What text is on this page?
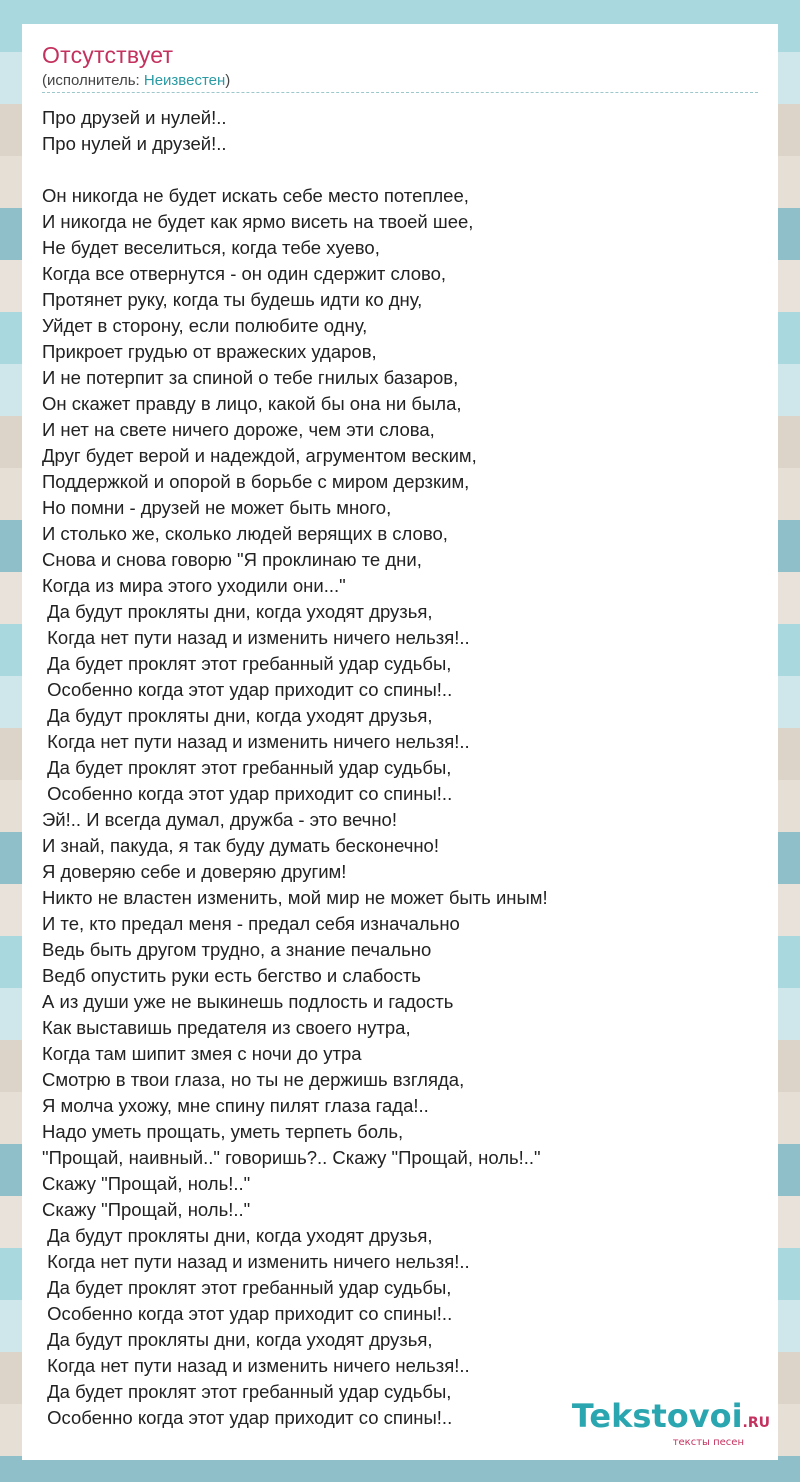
Отсутствует
(исполнитель: Неизвестен)
Про друзей и нулей!..
Про нулей и друзей!..
Он никогда не будет искать себе место потеплее,
И никогда не будет как ярмо висеть на твоей шее,
Не будет веселиться, когда тебе хуево,
Когда все отвернутся - он один сдержит слово,
Протянет руку, когда ты будешь идти ко дну,
Уйдет в сторону, если полюбите одну,
Прикроет грудью от вражеских ударов,
И не потерпит за спиной о тебе гнилых базаров,
Он скажет правду в лицо, какой бы она ни была,
И нет на свете ничего дороже, чем эти слова,
Друг будет верой и надеждой, агрументом веским,
Поддержкой и опорой в борьбе с миром дерзким,
Но помни - друзей не может быть много,
И столько же, сколько людей верящих в слово,
Снова и снова говорю "Я проклинаю те дни,
Когда из мира этого уходили они..."
Да будут прокляты дни, когда уходят друзья,
Когда нет пути назад и изменить ничего нельзя!..
Да будет проклят этот гребанный удар судьбы,
Особенно когда этот удар приходит со спины!..
Да будут прокляты дни, когда уходят друзья,
Когда нет пути назад и изменить ничего нельзя!..
Да будет проклят этот гребанный удар судьбы,
Особенно когда этот удар приходит со спины!..
Эй!.. И всегда думал, дружба - это вечно!
И знай, пакуда, я так буду думать бесконечно!
Я доверяю себе и доверяю другим!
Никто не властен изменить, мой мир не может быть иным!
И те, кто предал меня - предал себя изначально
Ведь быть другом трудно, а знание печально
Ведб опустить руки есть бегство и слабость
А из души уже не выкинешь подлость и гадость
Как выставишь предателя из своего нутра,
Когда там шипит змея с ночи до утра
Смотрю в твои глаза, но ты не держишь взгляда,
Я молча ухожу, мне спину пилят глаза гада!..
Надо уметь прощать, уметь терпеть боль,
"Прощай, наивный.." говоришь?.. Скажу "Прощай, ноль!.."
Скажу "Прощай, ноль!.."
Скажу "Прощай, ноль!.."
Да будут прокляты дни, когда уходят друзья,
Когда нет пути назад и изменить ничего нельзя!..
Да будет проклят этот гребанный удар судьбы,
Особенно когда этот удар приходит со спины!..
Да будут прокляты дни, когда уходят друзья,
Когда нет пути назад и изменить ничего нельзя!..
Да будет проклят этот гребанный удар судьбы,
Особенно когда этот удар приходит со спины!..	Tekstovoi.RU
тексты песен
